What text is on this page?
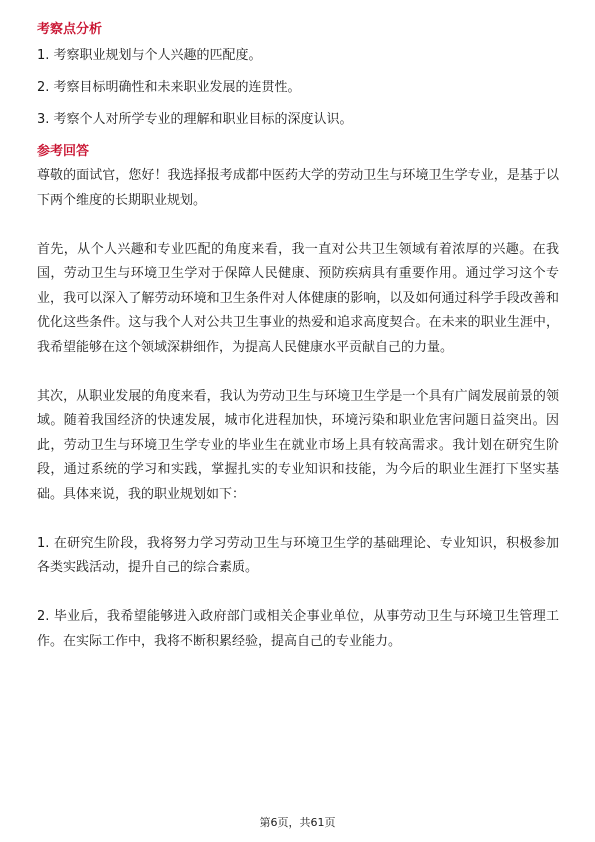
考察点分析
1. 考察职业规划与个人兴趣的匹配度。
2. 考察目标明确性和未来职业发展的连贯性。
3. 考察个人对所学专业的理解和职业目标的深度认识。
参考回答

尊敬的面试官，您好！我选择报考成都中医药大学的劳动卫生与环境卫生学专业，是基于以下两个维度的长期职业规划。

首先，从个人兴趣和专业匹配的角度来看，我一直对公共卫生领域有着浓厚的兴趣。在我国，劳动卫生与环境卫生学对于保障人民健康、预防疾病具有重要作用。通过学习这个专业，我可以深入了解劳动环境和卫生条件对人体健康的影响，以及如何通过科学手段改善和优化这些条件。这与我个人对公共卫生事业的热爱和追求高度契合。在未来的职业生涯中，我希望能够在这个领域深耕细作，为提高人民健康水平贡献自己的力量。

其次，从职业发展的角度来看，我认为劳动卫生与环境卫生学是一个具有广阔发展前景的领域。随着我国经济的快速发展，城市化进程加快，环境污染和职业危害问题日益突出。因此，劳动卫生与环境卫生学专业的毕业生在就业市场上具有较高需求。我计划在研究生阶段，通过系统的学习和实践，掌握扎实的专业知识和技能，为今后的职业生涯打下坚实基础。具体来说，我的职业规划如下：

1. 在研究生阶段，我将努力学习劳动卫生与环境卫生学的基础理论、专业知识，积极参加各类实践活动，提升自己的综合素质。

2. 毕业后，我希望能够进入政府部门或相关企事业单位，从事劳动卫生与环境卫生管理工作。在实际工作中，我将不断积累经验，提高自己的专业能力。

第6页，共61页
